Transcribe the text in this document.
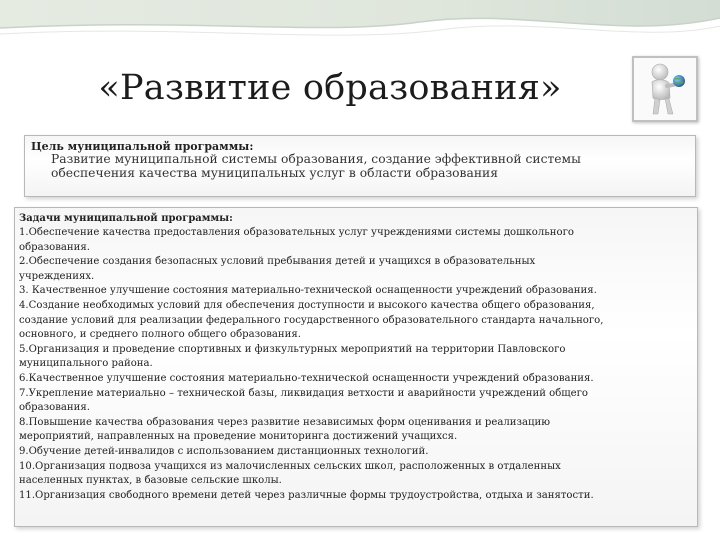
«Развитие образования»
Цель муниципальной программы:
Развитие муниципальной системы образования, создание эффективной системы
обеспечения качества муниципальных услуг в области образования
Задачи муниципальной программы:
1.Обеспечение качества предоставления образовательных услуг учреждениями системы дошкольного
образования.
2.Обеспечение создания безопасных условий пребывания детей и учащихся в образовательных
учреждениях.
3. Качественное улучшение состояния материально-технической оснащенности учреждений образования.
4.Создание необходимых условий для обеспечения доступности и высокого качества общего образования,
создание условий для реализации федерального государственного образовательного стандарта начального,
основного, и среднего полного общего образования.
5.Организация и проведение спортивных и физкультурных мероприятий на территории Павловского
муниципального района.
6.Качественное улучшение состояния материально-технической оснащенности учреждений образования.
7.Укрепление материально – технической базы, ликвидация ветхости и аварийности учреждений общего
образования.
8.Повышение качества образования через развитие независимых форм оценивания и реализацию
мероприятий, направленных на проведение мониторинга достижений учащихся.
9.Обучение детей-инвалидов с использованием дистанционных технологий.
10.Организация подвоза учащихся из малочисленных сельских школ, расположенных в отдаленных
населенных пунктах, в базовые сельские школы.
11.Организация свободного времени детей через различные формы трудоустройства, отдыха и занятости.
